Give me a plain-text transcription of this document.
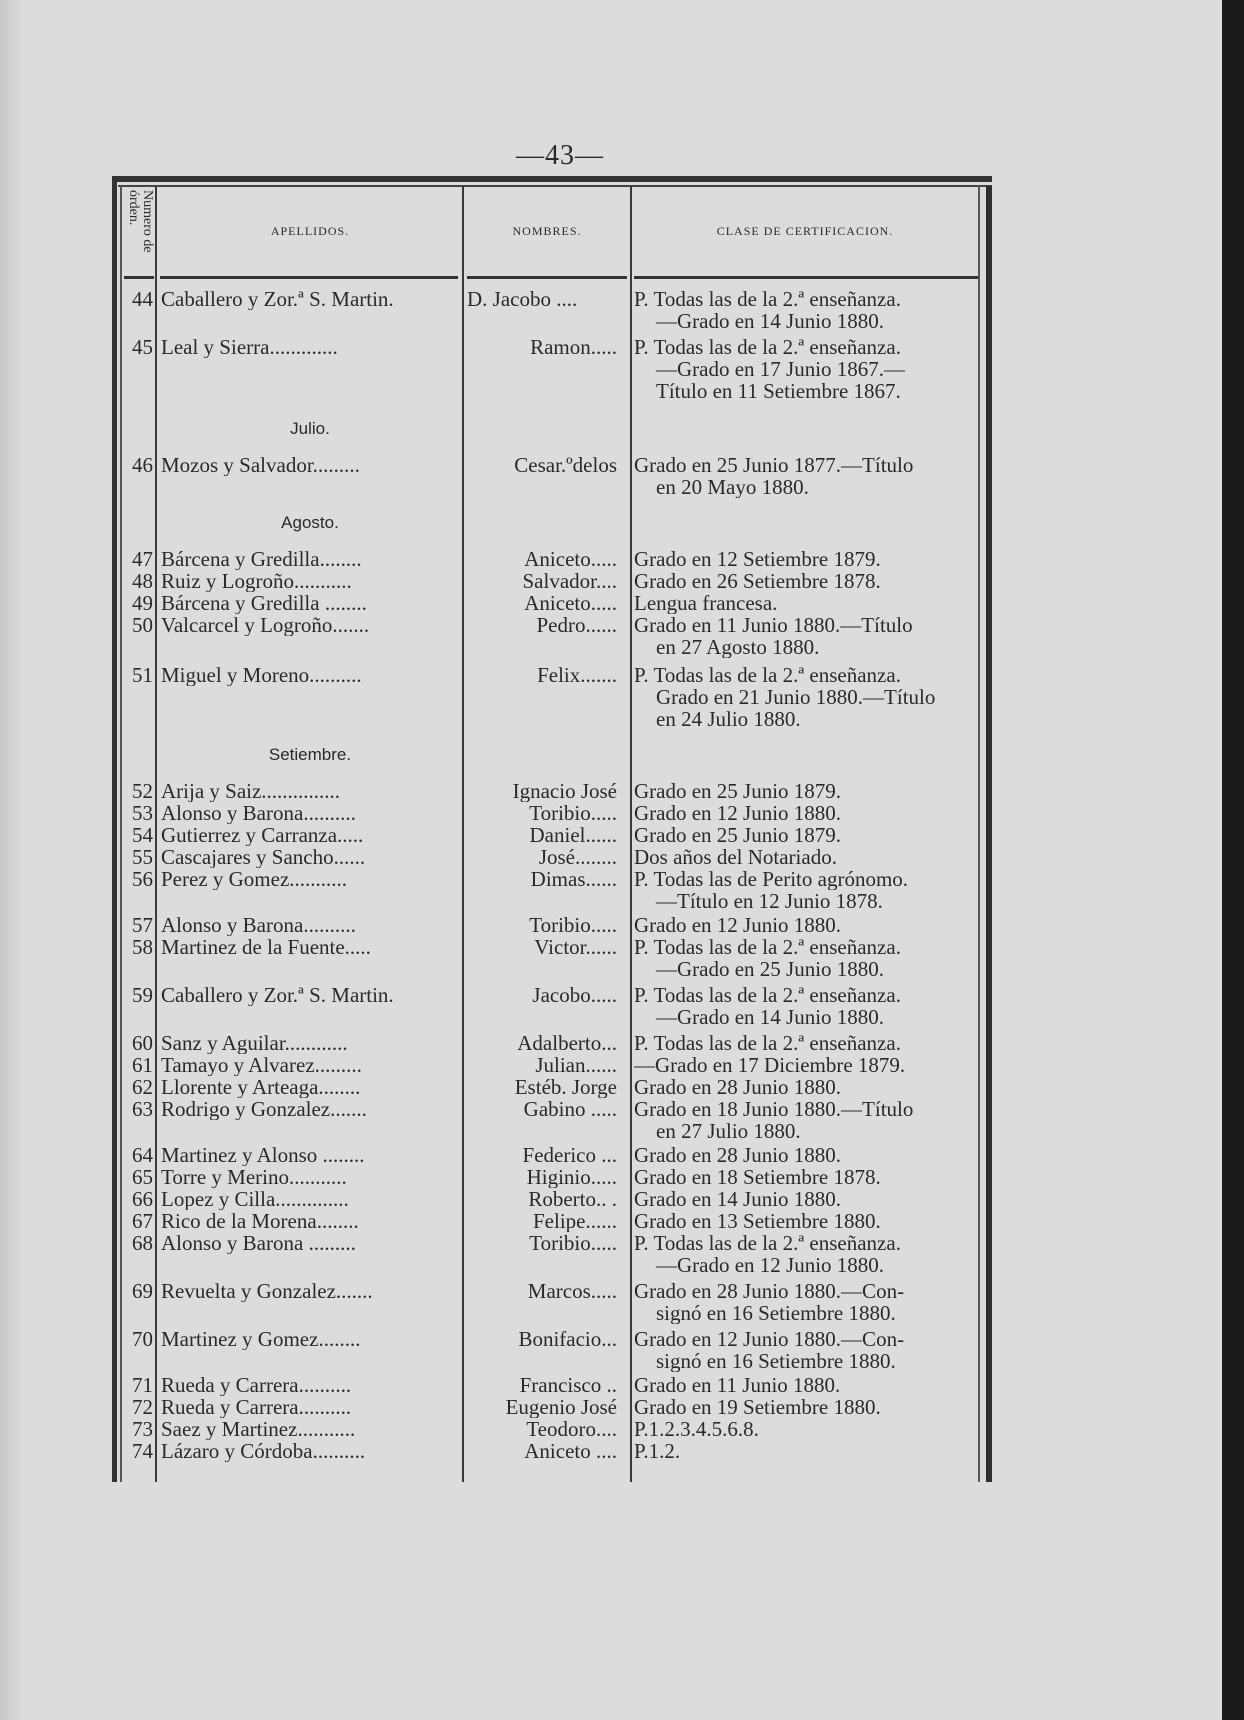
—43—
Numero de órden.
APELLIDOS.	NOMBRES.	CLASE DE CERTIFICACION.
Julio.
Agosto.
Setiembre.
44 Caballero y Zor.ª S. Martin.	D. Jacobo ....	P. Todas las de la 2.ª enseñanza.
—Grado en 14 Junio 1880.
45 Leal y Sierra.............	Ramon..... P. Todas las de la 2.ª enseñanza.
—Grado en 17 Junio 1867.—
Título en 11 Setiembre 1867.
46 Mozos y Salvador.........	Cesar.ºdelos Grado en 25 Junio 1877.—Título
en 20 Mayo 1880.
47 Bárcena y Gredilla........	Aniceto..... Grado en 12 Setiembre 1879.
48 Ruiz y Logroño...........	Salvador.... Grado en 26 Setiembre 1878.
49 Bárcena y Gredilla ........	Aniceto..... Lengua francesa.
50 Valcarcel y Logroño.......	Pedro...... Grado en 11 Junio 1880.—Título
en 27 Agosto 1880.
51 Miguel y Moreno..........	Felix....... P. Todas las de la 2.ª enseñanza.
Grado en 21 Junio 1880.—Título
en 24 Julio 1880.
52 Arija y Saiz...............	Ignacio José Grado en 25 Junio 1879.
53 Alonso y Barona..........	Toribio..... Grado en 12 Junio 1880.
54 Gutierrez y Carranza.....	Daniel...... Grado en 25 Junio 1879.
55 Cascajares y Sancho......	José........ Dos años del Notariado.
56 Perez y Gomez...........	Dimas...... P. Todas las de Perito agrónomo.
—Título en 12 Junio 1878.
57 Alonso y Barona..........	Toribio..... Grado en 12 Junio 1880.
58 Martinez de la Fuente.....	Victor...... P. Todas las de la 2.ª enseñanza.
—Grado en 25 Junio 1880.
59 Caballero y Zor.ª S. Martin.	Jacobo..... P. Todas las de la 2.ª enseñanza.
—Grado en 14 Junio 1880.
60 Sanz y Aguilar............	Adalberto... P. Todas las de la 2.ª enseñanza.
61 Tamayo y Alvarez.........	Julian...... —Grado en 17 Diciembre 1879.
62 Llorente y Arteaga........	Estéb. Jorge Grado en 28 Junio 1880.
63 Rodrigo y Gonzalez.......	Gabino ..... Grado en 18 Junio 1880.—Título
en 27 Julio 1880.
64 Martinez y Alonso ........	Federico ... Grado en 28 Junio 1880.
65 Torre y Merino...........	Higinio..... Grado en 18 Setiembre 1878.
66 Lopez y Cilla..............	Roberto.. . Grado en 14 Junio 1880.
67 Rico de la Morena........	Felipe...... Grado en 13 Setiembre 1880.
68 Alonso y Barona .........	Toribio..... P. Todas las de la 2.ª enseñanza.
—Grado en 12 Junio 1880.
69 Revuelta y Gonzalez.......	Marcos..... Grado en 28 Junio 1880.—Con-
signó en 16 Setiembre 1880.
70 Martinez y Gomez........	Bonifacio... Grado en 12 Junio 1880.—Con-
signó en 16 Setiembre 1880.
71 Rueda y Carrera..........	Francisco .. Grado en 11 Junio 1880.
72 Rueda y Carrera..........	Eugenio José Grado en 19 Setiembre 1880.
73 Saez y Martinez...........	Teodoro.... P.1.2.3.4.5.6.8.
74 Lázaro y Córdoba..........	Aniceto .... P.1.2.
